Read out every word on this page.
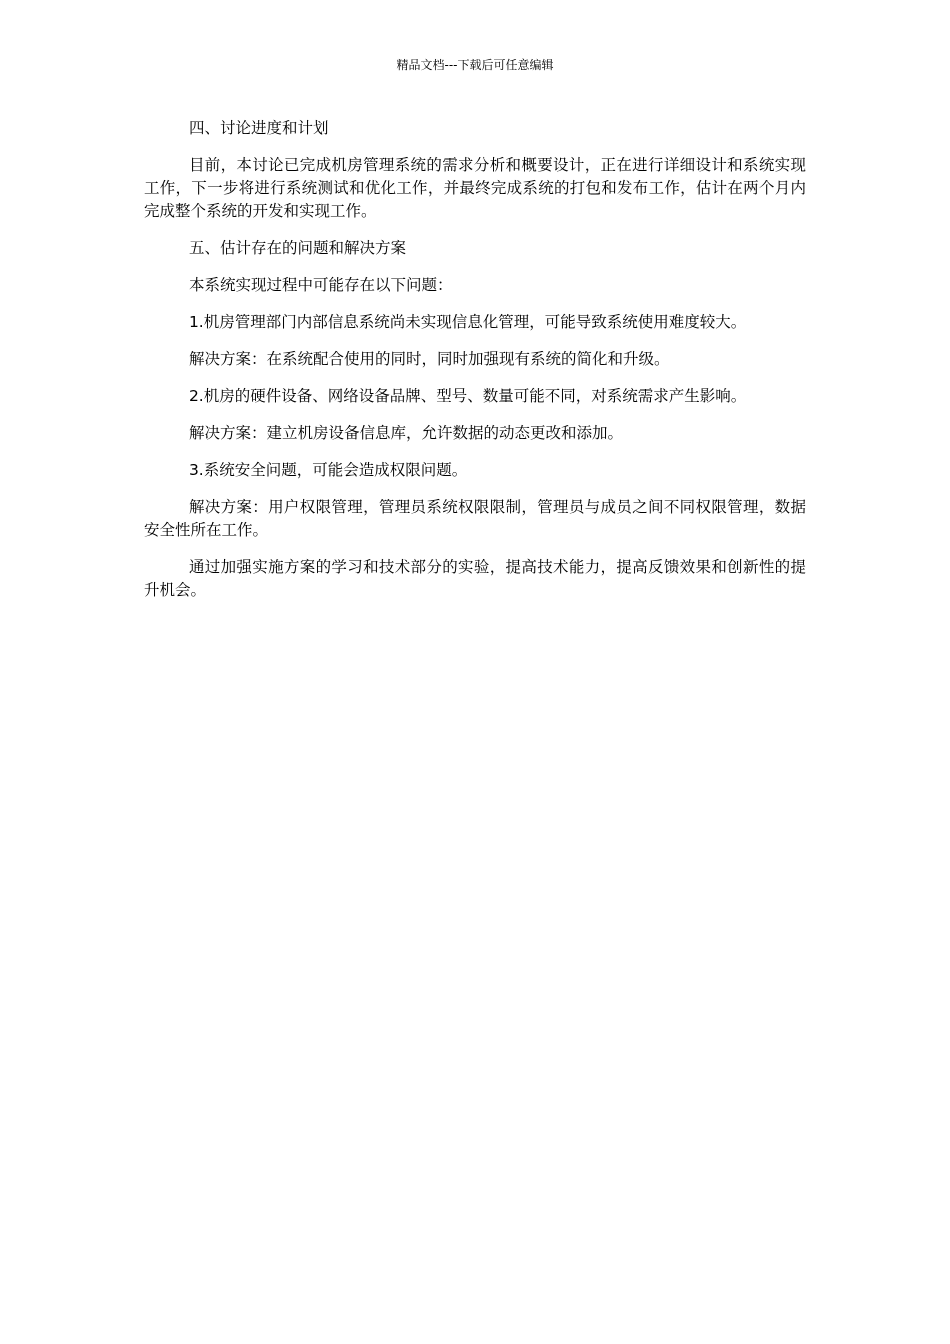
精品文档---下载后可任意编辑

四、讨论进度和计划

目前，本讨论已完成机房管理系统的需求分析和概要设计，正在进行详细设计和系统实现工作，下一步将进行系统测试和优化工作，并最终完成系统的打包和发布工作，估计在两个月内完成整个系统的开发和实现工作。

五、估计存在的问题和解决方案

本系统实现过程中可能存在以下问题：

1.机房管理部门内部信息系统尚未实现信息化管理，可能导致系统使用难度较大。

解决方案：在系统配合使用的同时，同时加强现有系统的简化和升级。

2.机房的硬件设备、网络设备品牌、型号、数量可能不同，对系统需求产生影响。

解决方案：建立机房设备信息库，允许数据的动态更改和添加。

3.系统安全问题，可能会造成权限问题。

解决方案：用户权限管理，管理员系统权限限制，管理员与成员之间不同权限管理，数据安全性所在工作。

通过加强实施方案的学习和技术部分的实验，提高技术能力，提高反馈效果和创新性的提升机会。
